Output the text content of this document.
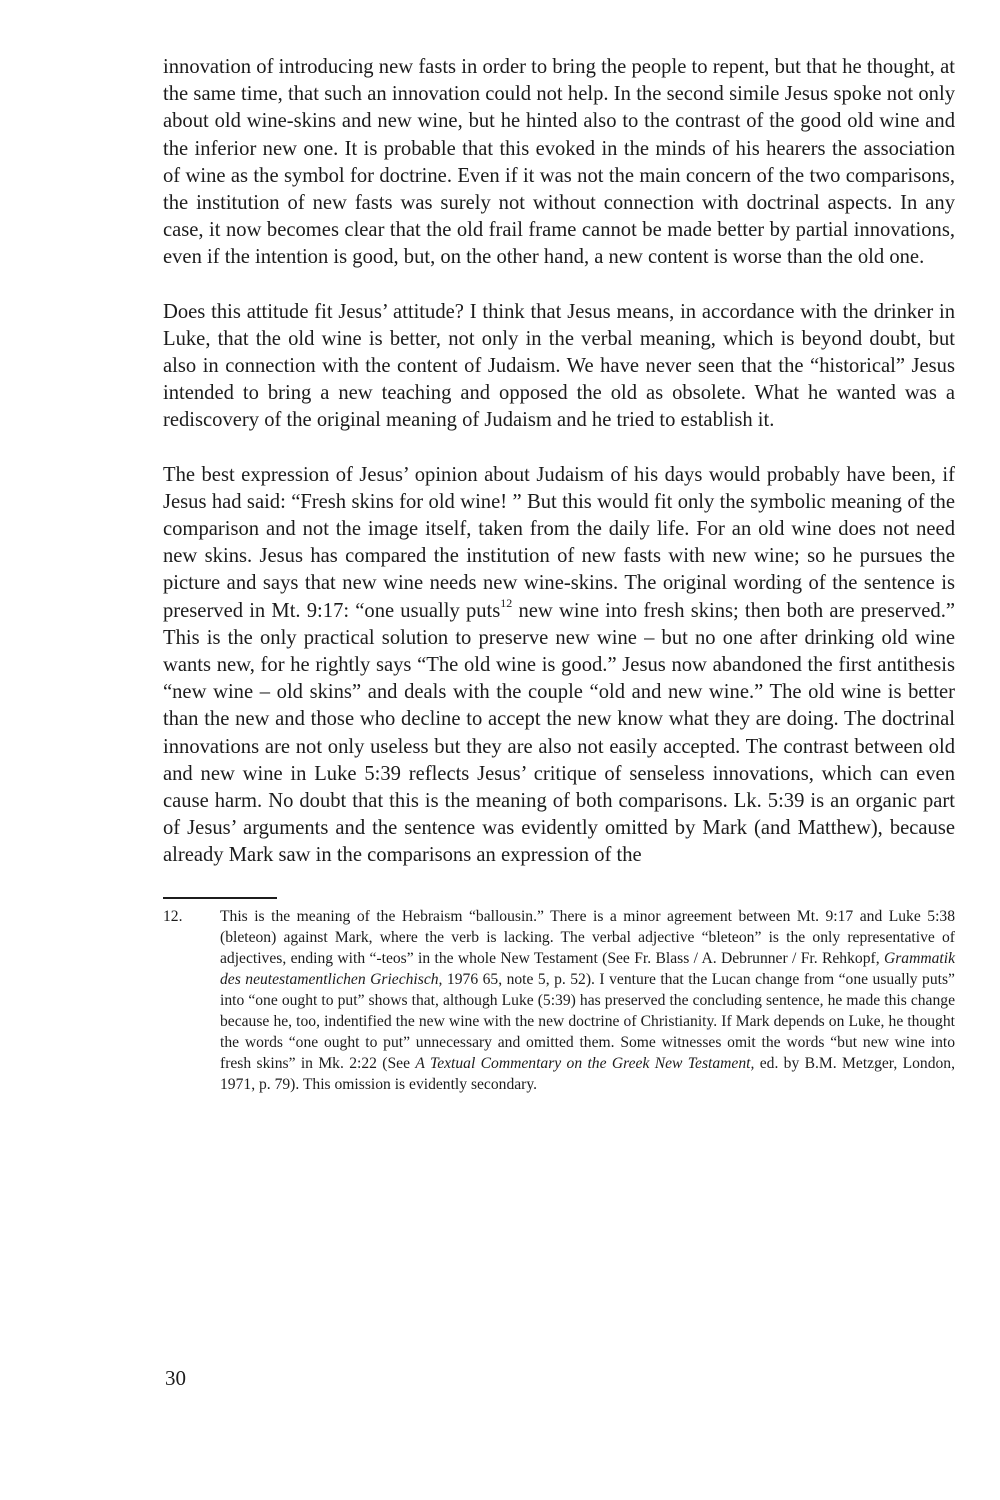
innovation of introducing new fasts in order to bring the people to repent, but that he thought, at the same time, that such an innovation could not help. In the second simile Jesus spoke not only about old wine-skins and new wine, but he hinted also to the contrast of the good old wine and the inferior new one. It is probable that this evoked in the minds of his hearers the association of wine as the symbol for doctrine. Even if it was not the main concern of the two comparisons, the institution of new fasts was surely not without connection with doctrinal aspects. In any case, it now becomes clear that the old frail frame cannot be made better by partial innovations, even if the intention is good, but, on the other hand, a new content is worse than the old one.

Does this attitude fit Jesus’ attitude? I think that Jesus means, in accordance with the drinker in Luke, that the old wine is better, not only in the verbal meaning, which is beyond doubt, but also in connection with the content of Judaism. We have never seen that the “historical” Jesus intended to bring a new teaching and opposed the old as obsolete. What he wanted was a rediscovery of the original meaning of Judaism and he tried to establish it.

The best expression of Jesus’ opinion about Judaism of his days would probably have been, if Jesus had said: “Fresh skins for old wine! ” But this would fit only the symbolic meaning of the comparison and not the image itself, taken from the daily life. For an old wine does not need new skins. Jesus has compared the institution of new fasts with new wine; so he pursues the picture and says that new wine needs new wine-skins. The original wording of the sentence is preserved in Mt. 9:17: “one usually puts$^{12}$ new wine into fresh skins; then both are preserved.” This is the only practical solution to preserve new wine – but no one after drinking old wine wants new, for he rightly says “The old wine is good.” Jesus now abandoned the first antithesis “new wine – old skins” and deals with the couple “old and new wine.” The old wine is better than the new and those who decline to accept the new know what they are doing. The doctrinal innovations are not only useless but they are also not easily accepted. The contrast between old and new wine in Luke 5:39 reflects Jesus’ critique of senseless innovations, which can even cause harm. No doubt that this is the meaning of both comparisons. Lk. 5:39 is an organic part of Jesus’ arguments and the sentence was evidently omitted by Mark (and Matthew), because already Mark saw in the comparisons an expression of the

12.	This is the meaning of the Hebraism “ballousin.” There is a minor agreement between Mt. 9:17 and Luke 5:38 (bleteon) against Mark, where the verb is lacking. The verbal adjective “bleteon” is the only representative of adjectives, ending with “-teos” in the whole New Testament (See Fr. Blass / A. Debrunner / Fr. Rehkopf, Grammatik des neutestamentlichen Griechisch, 1976 65, note 5, p. 52). I venture that the Lucan change from “one usually puts” into “one ought to put” shows that, although Luke (5:39) has preserved the concluding sentence, he made this change because he, too, indentified the new wine with the new doctrine of Christianity. If Mark depends on Luke, he thought the words “one ought to put” unnecessary and omitted them. Some witnesses omit the words “but new wine into fresh skins” in Mk. 2:22 (See A Textual Commentary on the Greek New Testament, ed. by B.M. Metzger, London, 1971, p. 79). This omission is evidently secondary.

30
